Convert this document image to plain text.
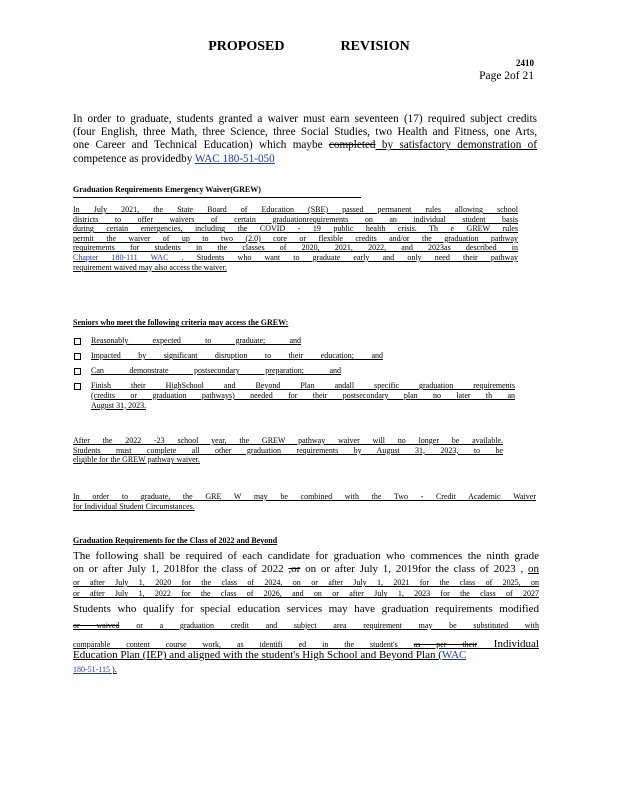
PROPOSED	REVISION
2410
Page 2of 21
In order to graduate, students granted a waiver must earn seventeen (17) required subject credits
(four English, three Math, three Science, three Social Studies, two Health and Fitness, one Arts,
one Career and Technical Education) which maybe completed by satisfactory demonstration of
competence as providedby WAC 180-51-050
Graduation Requirements Emergency Waiver(GREW)
In July 2021, the State Board of Education (SBE) passed permanent rules allowing school
districts to offer waivers of certain graduationrequirements on an individual student basis
during certain emergencies, including the COVID - 19 public health crisis. Th e GREW rules
permit the waiver of up to two (2.0) core or flexible credits and/or the graduation pathway
requirements for students in the classes of 2020, 2021, 2022, and 2023as described in
Chapter 180-111 WAC . Students who want to graduate early and only need their pathway
requirement waived may also access the waiver.
Seniors who meet the following criteria may access the GREW:
Reasonably expected to graduate; and
Impacted by significant disruption to their education; and
Can demonstrate postsecondary preparation; and
Finish their HighSchool and Beyond Plan andall specific graduation requirements
(credits or graduation pathways) needed for their postsecondary plan no later th an
August 31, 2023.
After the 2022 -23 school year, the GREW pathway waiver will no longer be available.
Students must complete all other graduation requirements by August 31, 2023, to be
eligible for the GREW pathway waiver.
In order to graduate, the GRE W may be combined with the Two - Credit Academic Waiver
for Individual Student Circumstances.
Graduation Requirements for the Class of 2022 and Beyond
The following shall be required of each candidate for graduation who commences the ninth grade
on or after July 1, 2018for the class of 2022 ,or on or after July 1, 2019for the class of 2023 , on
or after July 1, 2020 for the class of 2024, on or after July 1, 2021 for the class of 2025, on
or after July 1, 2022 for the class of 2026, and on or after July 1, 2023 for the class of 2027
Students who qualify for special education services may have graduation requirements modified
or waived or a graduation credit and subject area requirement may be substituted with
comparable content course work, as identifi ed in the student's as per their Individual
Education Plan (IEP) and aligned with the student's High School and Beyond Plan (WAC
180-51-115 ).
